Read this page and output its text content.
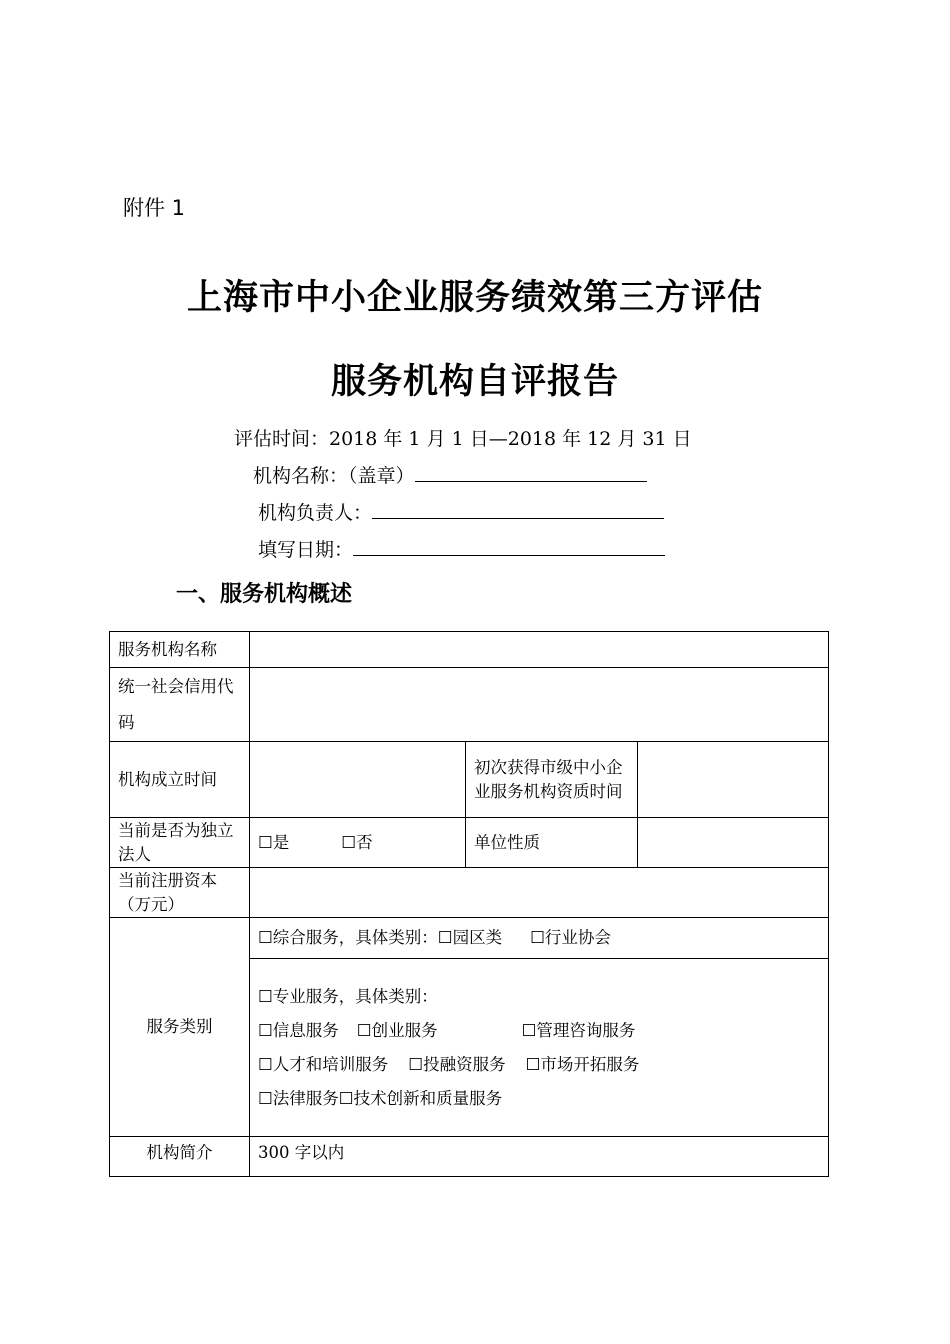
附件 1
上海市中小企业服务绩效第三方评估
服务机构自评报告
评估时间：2018 年 1 月 1 日—2018 年 12 月 31 日
机构名称：（盖章）
机构负责人：
填写日期：
一、服务机构概述
服务机构名称			
统一社会信用代码			
机构成立时间		初次获得市级中小企业服务机构资质时间	
当前是否为独立法人	☐是 ☐否	单位性质	
当前注册资本（万元）			
服务类别	☐综合服务，具体类别：☐园区类 ☐行业协会		

	☐专业服务，具体类别：
☐信息服务 ☐创业服务 ☐管理咨询服务
☐人才和培训服务 ☐投融资服务 ☐市场开拓服务
☐法律服务☐技术创新和质量服务		

机构简介	300 字以内		
